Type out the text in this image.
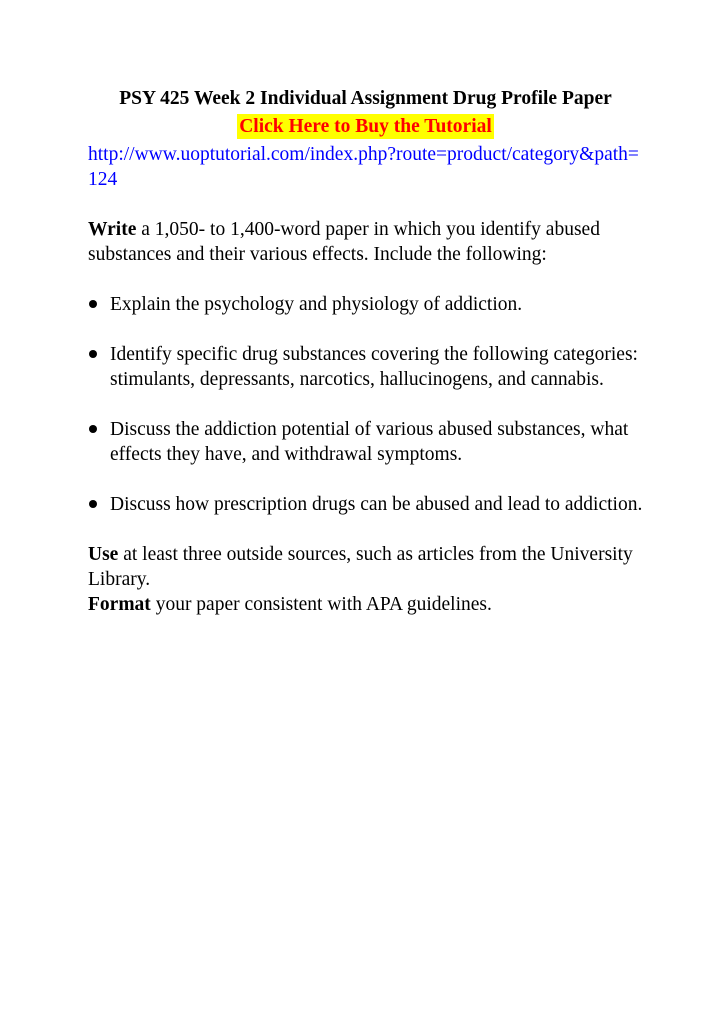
PSY 425 Week 2 Individual Assignment Drug Profile Paper
Click Here to Buy the Tutorial
http://www.uoptutorial.com/index.php?route=product/category&path=124

Write a 1,050- to 1,400-word paper in which you identify abused substances and their various effects. Include the following:

Explain the psychology and physiology of addiction.
Identify specific drug substances covering the following categories: stimulants, depressants, narcotics, hallucinogens, and cannabis.
Discuss the addiction potential of various abused substances, what effects they have, and withdrawal symptoms.
Discuss how prescription drugs can be abused and lead to addiction.

Use at least three outside sources, such as articles from the University Library.

Format your paper consistent with APA guidelines.
